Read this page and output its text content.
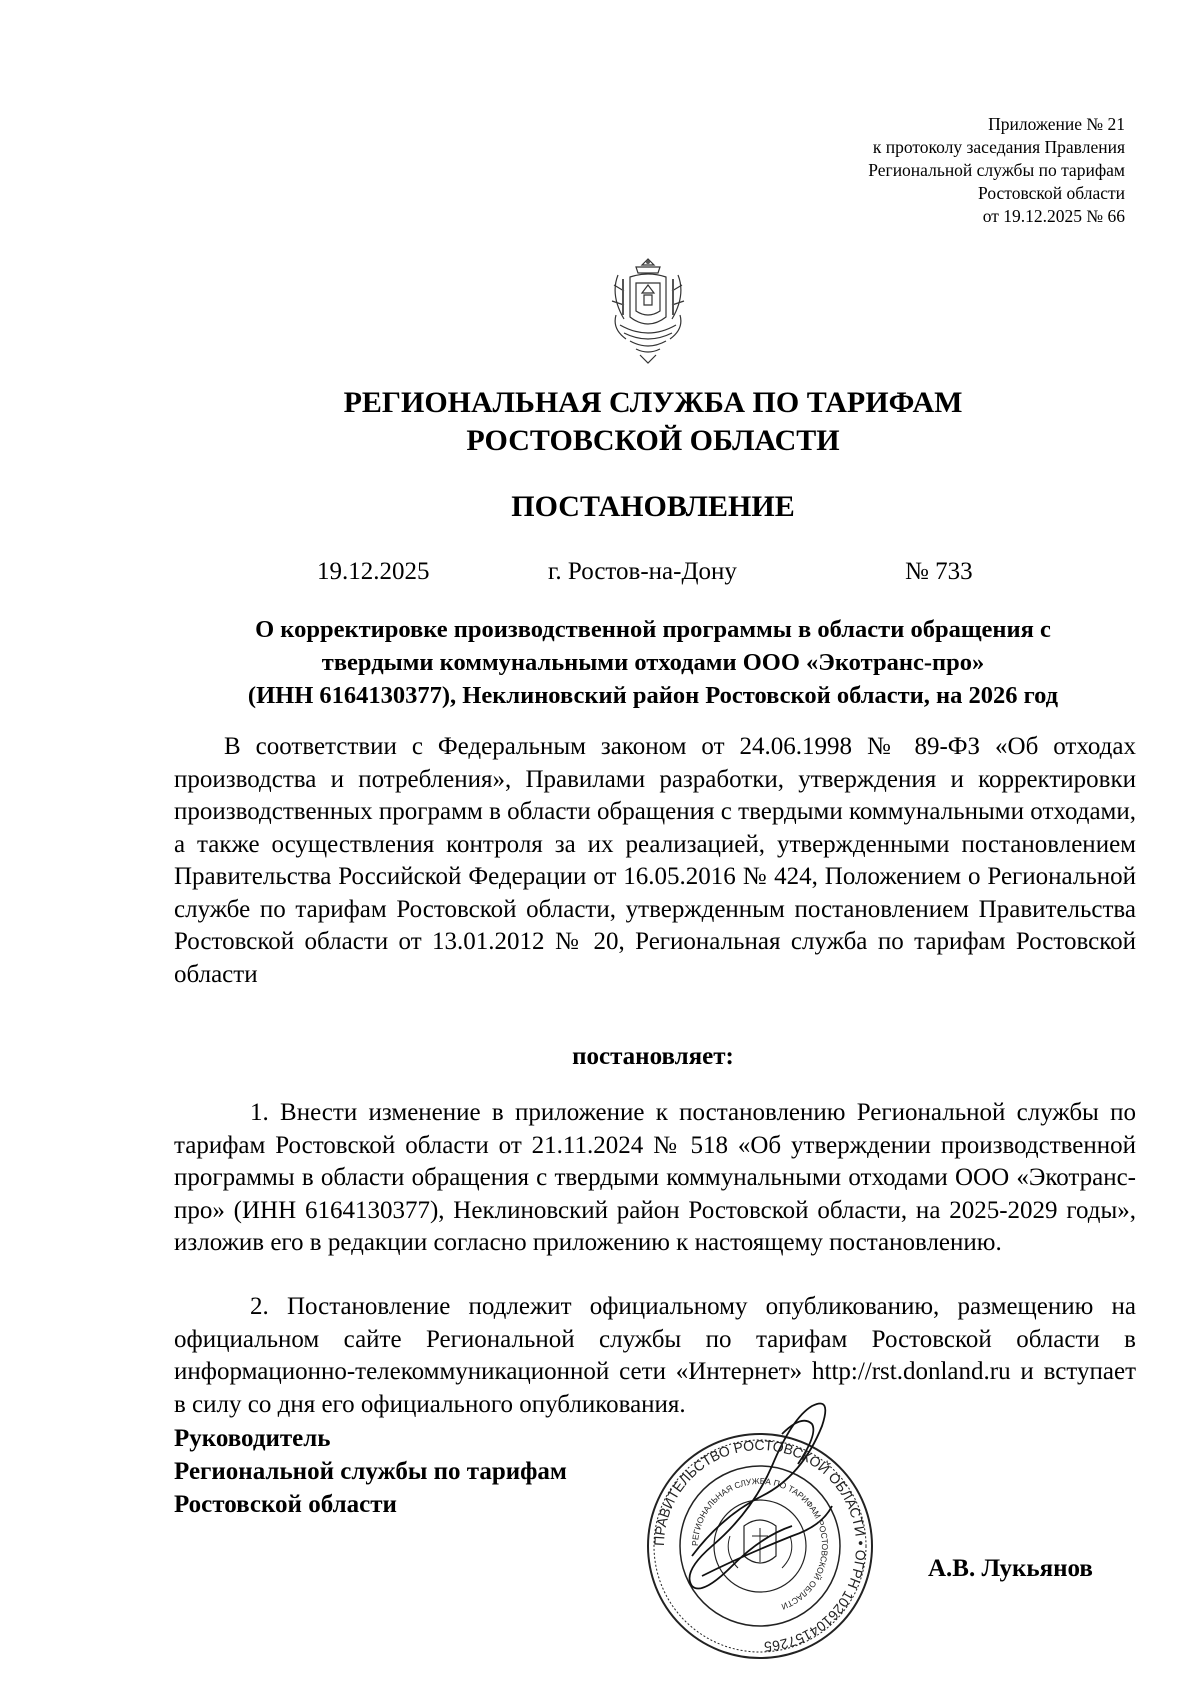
Приложение № 21
к протоколу заседания Правления
Региональной службы по тарифам
Ростовской области
от 19.12.2025 № 66
РЕГИОНАЛЬНАЯ СЛУЖБА ПО ТАРИФАМ
РОСТОВСКОЙ ОБЛАСТИ
ПОСТАНОВЛЕНИЕ
19.12.2025	г. Ростов-на-Дону	№ 733
О корректировке производственной программы в области обращения с
твердыми коммунальными отходами ООО «Экотранс-про»
(ИНН 6164130377), Неклиновский район Ростовской области, на 2026 год
В соответствии с Федеральным законом от 24.06.1998 № 89-ФЗ «Об отходах производства и потребления», Правилами разработки, утверждения и корректировки производственных программ в области обращения с твердыми коммунальными отходами, а также осуществления контроля за их реализацией, утвержденными постановлением Правительства Российской Федерации от 16.05.2016 № 424, Положением о Региональной службе по тарифам Ростовской области, утвержденным постановлением Правительства Ростовской области от 13.01.2012 № 20, Региональная служба по тарифам Ростовской области
постановляет:
1. Внести изменение в приложение к постановлению Региональной службы по тарифам Ростовской области от 21.11.2024 № 518 «Об утверждении производственной программы в области обращения с твердыми коммунальными отходами ООО «Экотранс-про» (ИНН 6164130377), Неклиновский район Ростовской области, на 2025-2029 годы», изложив его в редакции согласно приложению к настоящему постановлению.
2. Постановление подлежит официальному опубликованию, размещению на официальном сайте Региональной службы по тарифам Ростовской области в информационно-телекоммуникационной сети «Интернет» http://rst.donland.ru и вступает в силу со дня его официального опубликования.
Руководитель
Региональной службы по тарифам
Ростовской области
ПРАВИТЕЛЬСТВО РОСТОВСКОЙ ОБЛАСТИ • ОГРН 1026104157265
РЕГИОНАЛЬНАЯ СЛУЖБА ПО ТАРИФАМ РОСТОВСКОЙ ОБЛАСТИ
А.В. Лукьянов
